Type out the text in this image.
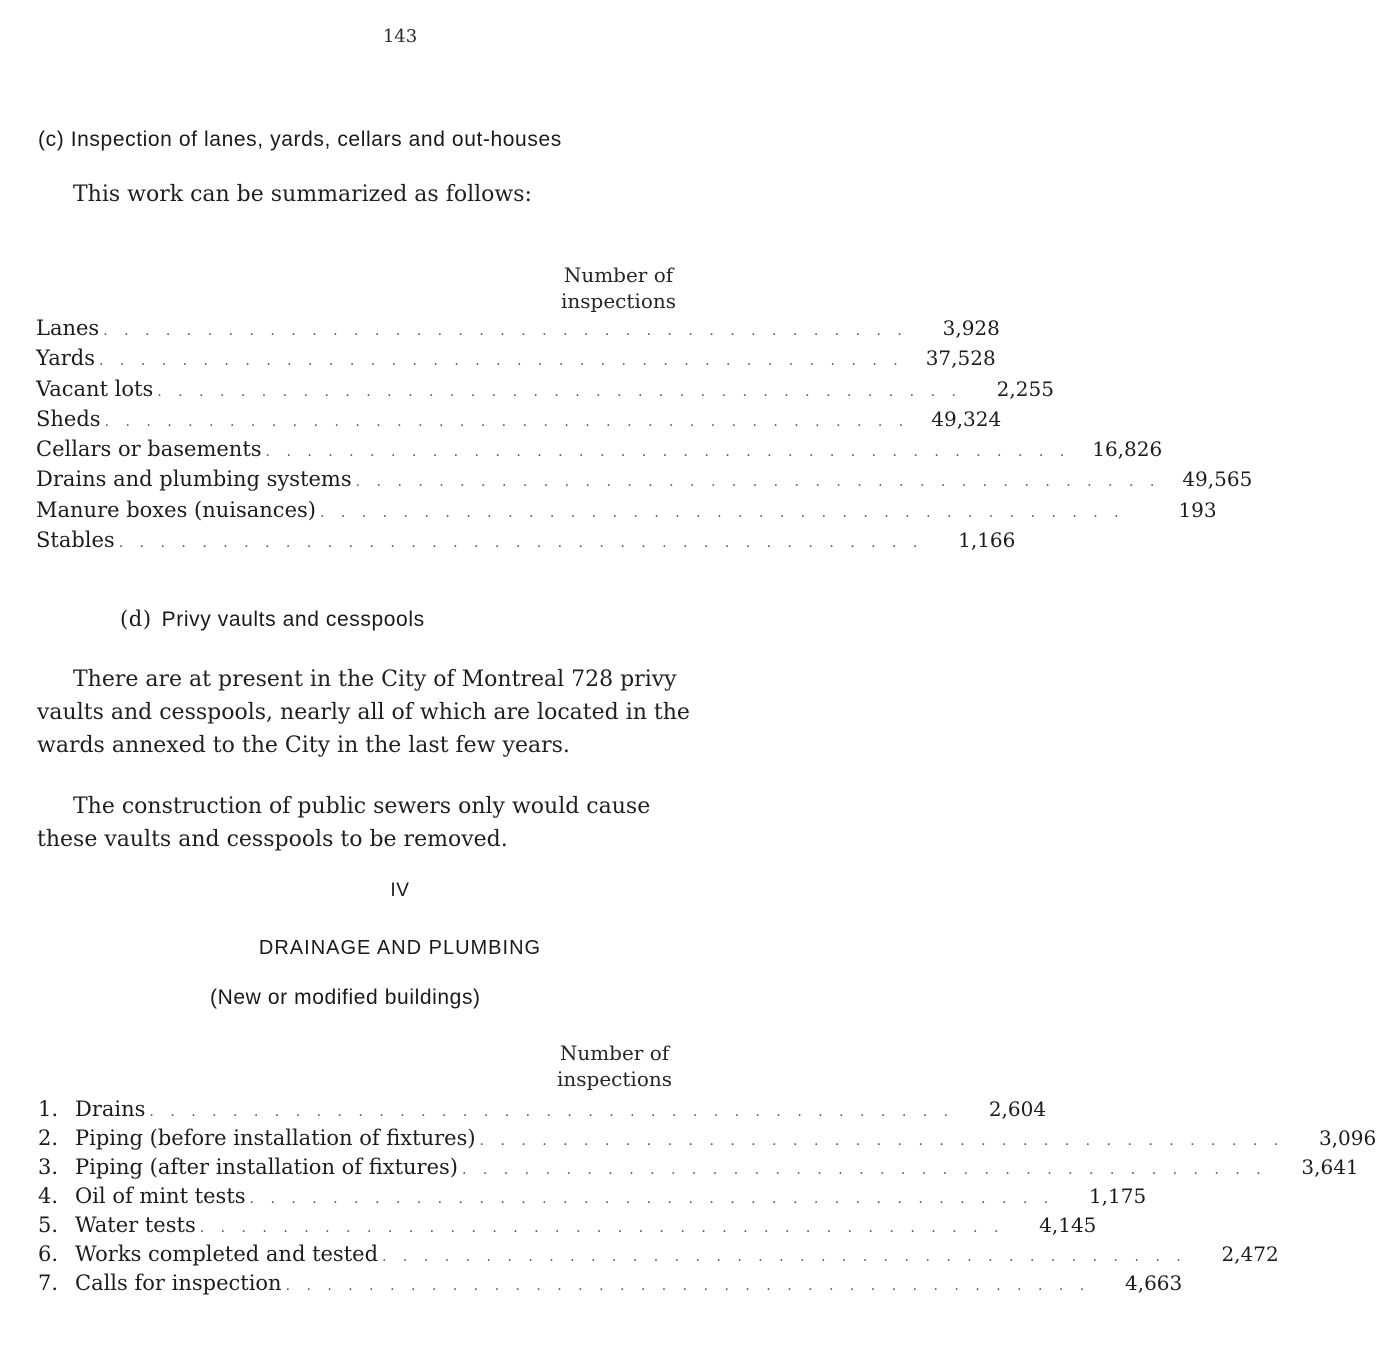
143
(c) Inspection of lanes, yards, cellars and out-houses
This work can be summarized as follows:
Number of
inspections
Lanes . . . . . . . . . . . . . . . . . . . . . . . . . . . . . . . . . . . . . . .	3,928
Yards . . . . . . . . . . . . . . . . . . . . . . . . . . . . . . . . . . . . . . .	37,528
Vacant lots . . . . . . . . . . . . . . . . . . . . . . . . . . . . . . . . . . . . . . .	2,255
Sheds . . . . . . . . . . . . . . . . . . . . . . . . . . . . . . . . . . . . . . .	49,324
Cellars or basements . . . . . . . . . . . . . . . . . . . . . . . . . . . . . . . . . . . . . . .	16,826
Drains and plumbing systems . . . . . . . . . . . . . . . . . . . . . . . . . . . . . . . . . . . . . . .	49,565
Manure boxes (nuisances) . . . . . . . . . . . . . . . . . . . . . . . . . . . . . . . . . . . . . . .	193
Stables . . . . . . . . . . . . . . . . . . . . . . . . . . . . . . . . . . . . . . .	1,166
(d) Privy vaults and cesspools
There are at present in the City of Montreal 728 privy
vaults and cesspools, nearly all of which are located in the
wards annexed to the City in the last few years.
The construction of public sewers only would cause
these vaults and cesspools to be removed.
IV
DRAINAGE AND PLUMBING
(New or modified buildings)
Number of
inspections
1. Drains . . . . . . . . . . . . . . . . . . . . . . . . . . . . . . . . . . . . . . .	2,604
2. Piping (before installation of fixtures) . . . . . . . . . . . . . . . . . . . . . . . . . . . . . . . . . . . . . . .	3,096
3. Piping (after installation of fixtures) . . . . . . . . . . . . . . . . . . . . . . . . . . . . . . . . . . . . . . .	3,641
4. Oil of mint tests . . . . . . . . . . . . . . . . . . . . . . . . . . . . . . . . . . . . . . .	1,175
5. Water tests . . . . . . . . . . . . . . . . . . . . . . . . . . . . . . . . . . . . . . .	4,145
6. Works completed and tested . . . . . . . . . . . . . . . . . . . . . . . . . . . . . . . . . . . . . . .	2,472
7. Calls for inspection . . . . . . . . . . . . . . . . . . . . . . . . . . . . . . . . . . . . . . .	4,663
